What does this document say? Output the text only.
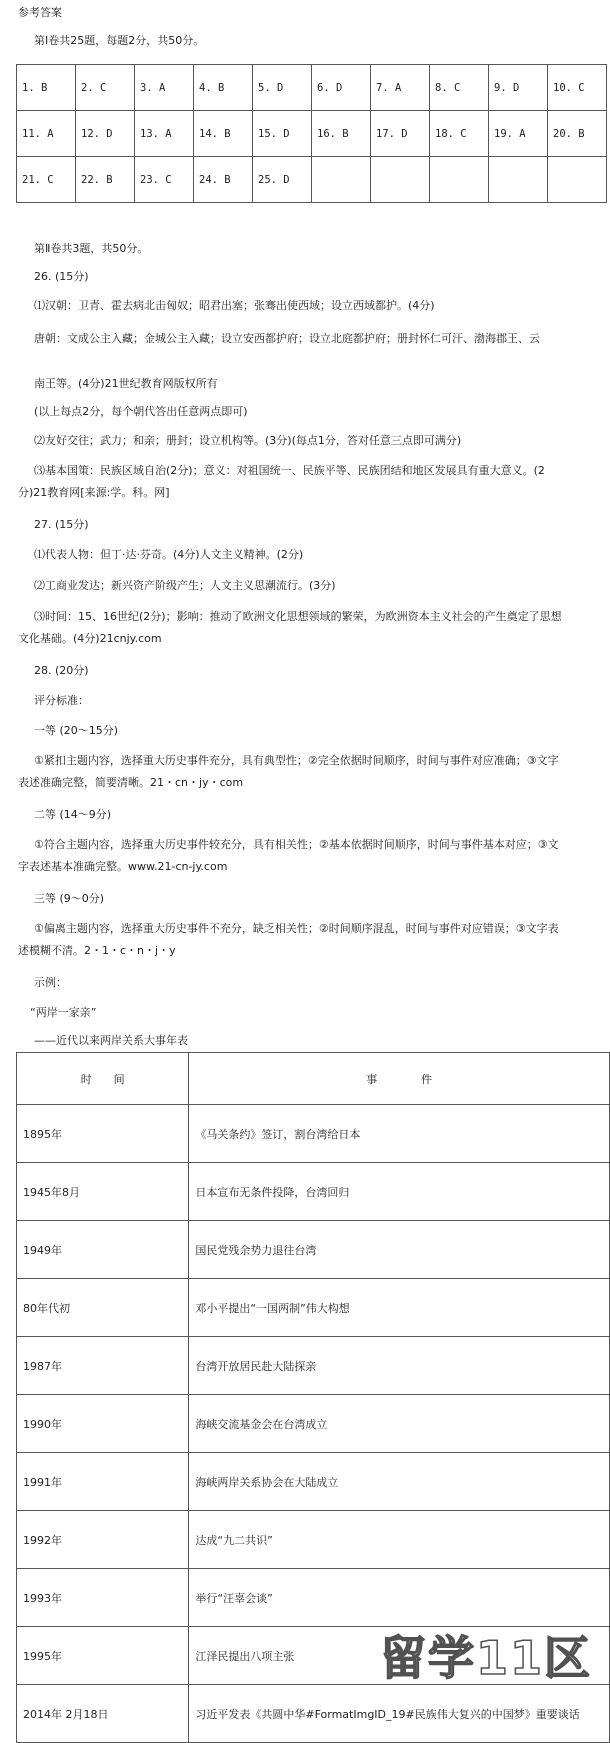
参考答案
第Ⅰ卷共25题，每题2分，共50分。
1. B	2. C	3. A	4. B	5. D	6. D	7. A	8. C	9. D	10. C
11. A	12. D	13. A	14. B	15. D	16. B	17. D	18. C	19. A	20. B
21. C	22. B	23. C	24. B	25. D					
第Ⅱ卷共3题，共50分。
26. (15分)
⑴汉朝：卫青、霍去病北击匈奴；昭君出塞；张骞出使西域；设立西域都护。(4分)
唐朝：文成公主入藏；金城公主入藏；设立安西都护府；设立北庭都护府；册封怀仁可汗、渤海郡王、云
南王等。(4分)21世纪教育网版权所有
(以上每点2分，每个朝代答出任意两点即可)
⑵友好交往；武力；和亲；册封；设立机构等。(3分)(每点1分，答对任意三点即可满分)
⑶基本国策：民族区域自治(2分)；意义：对祖国统一、民族平等、民族团结和地区发展具有重大意义。(2
分)21教育网[来源:学。科。网]
27. (15分)
⑴代表人物：但丁·达·芬奇。(4分)人文主义精神。(2分)
⑵工商业发达；新兴资产阶级产生；人文主义思潮流行。(3分)
⑶时间：15、16世纪(2分)；影响：推动了欧洲文化思想领域的繁荣，为欧洲资本主义社会的产生奠定了思想
文化基础。(4分)21cnjy.com
28. (20分)
评分标准：
一等 (20～15分)
①紧扣主题内容，选择重大历史事件充分，具有典型性；②完全依据时间顺序，时间与事件对应准确；③文字
表述准确完整，简要清晰。21・cn・jy・com
二等 (14～9分)
①符合主题内容，选择重大历史事件较充分，具有相关性；②基本依据时间顺序，时间与事件基本对应；③文
字表述基本准确完整。www.21-cn-jy.com
三等 (9～0分)
①偏离主题内容，选择重大历史事件不充分，缺乏相关性；②时间顺序混乱，时间与事件对应错误；③文字表
述模糊不清。2・1・c・n・j・y
示例：
“两岸一家亲”
——近代以来两岸关系大事年表
时　　间	事　　　　件
1895年	《马关条约》签订，割台湾给日本
1945年8月	日本宣布无条件投降，台湾回归
1949年	国民党残余势力退往台湾
80年代初	邓小平提出“一国两制”伟大构想
1987年	台湾开放居民赴大陆探亲
1990年	海峡交流基金会在台湾成立
1991年	海峡两岸关系协会在大陆成立
1992年	达成“九二共识”
1993年	举行“汪辜会谈”
1995年	江泽民提出八项主张
2014年 2月18日	习近平发表《共圆中华#FormatImgID_19#民族伟大复兴的中国梦》重要谈话
留学11区
